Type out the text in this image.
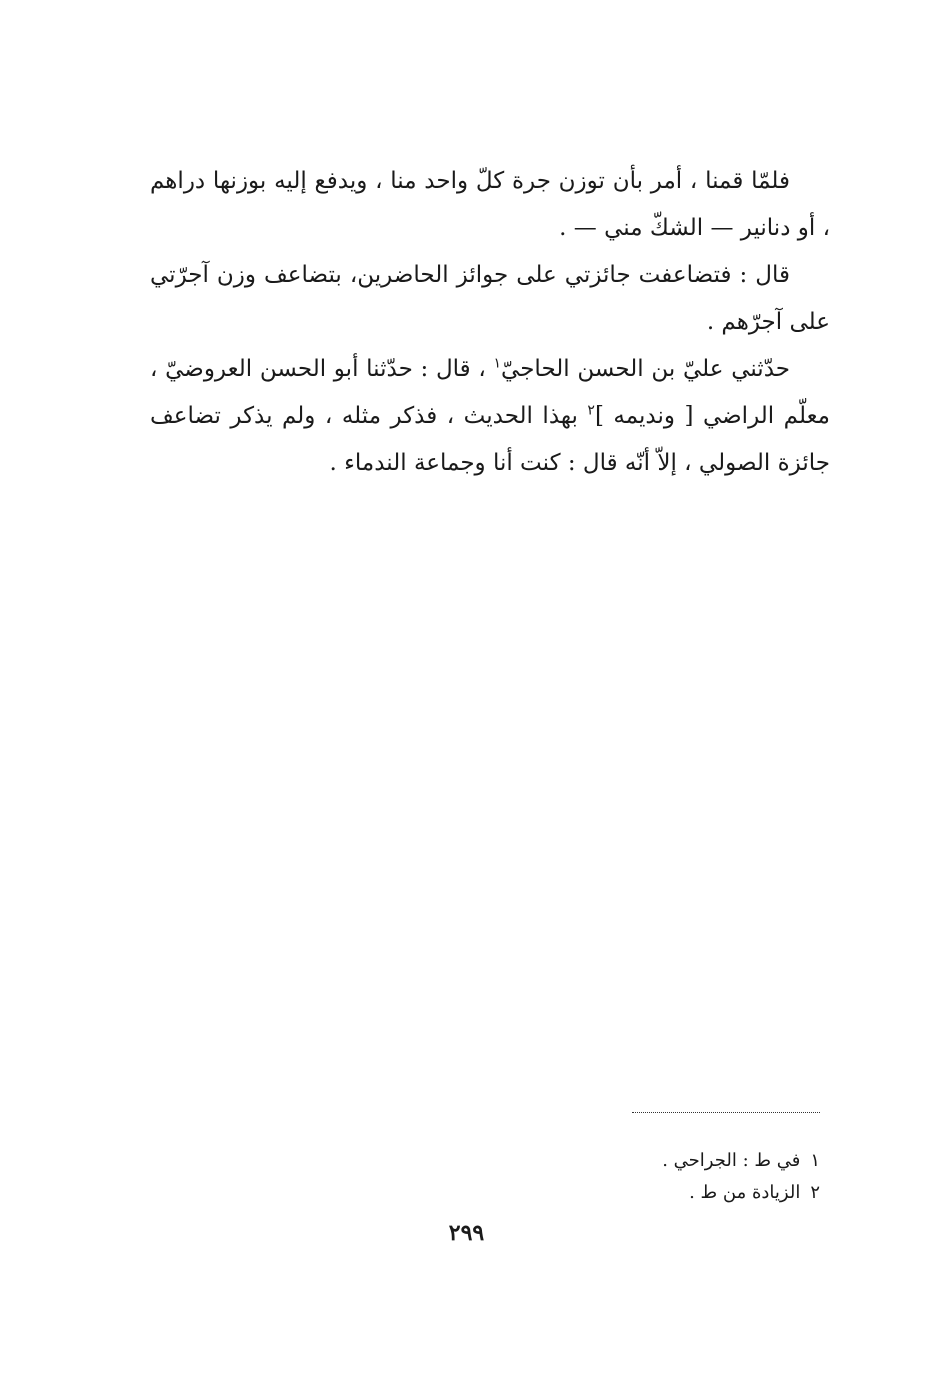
فلمّا قمنا ، أمر بأن توزن جرة كلّ واحد منا ، ويدفع إليه بوزنها دراهم ، أو دنانير — الشكّ مني — .

قال : فتضاعفت جائزتي على جوائز الحاضرين، بتضاعف وزن آجرّتي على آجرّهم .

حدّثني عليّ بن الحسن الحاجيّ$^١$ ، قال : حدّثنا أبو الحسن العروضيّ ، معلّم الراضي [ ونديمه ]$^٢$ بهذا الحديث ، فذكر مثله ، ولم يذكر تضاعف جائزة الصولي ، إلاّ أنّه قال : كنت أنا وجماعة الندماء .

١في ط : الجراحي .

٢الزيادة من ط .

٢٩٩
